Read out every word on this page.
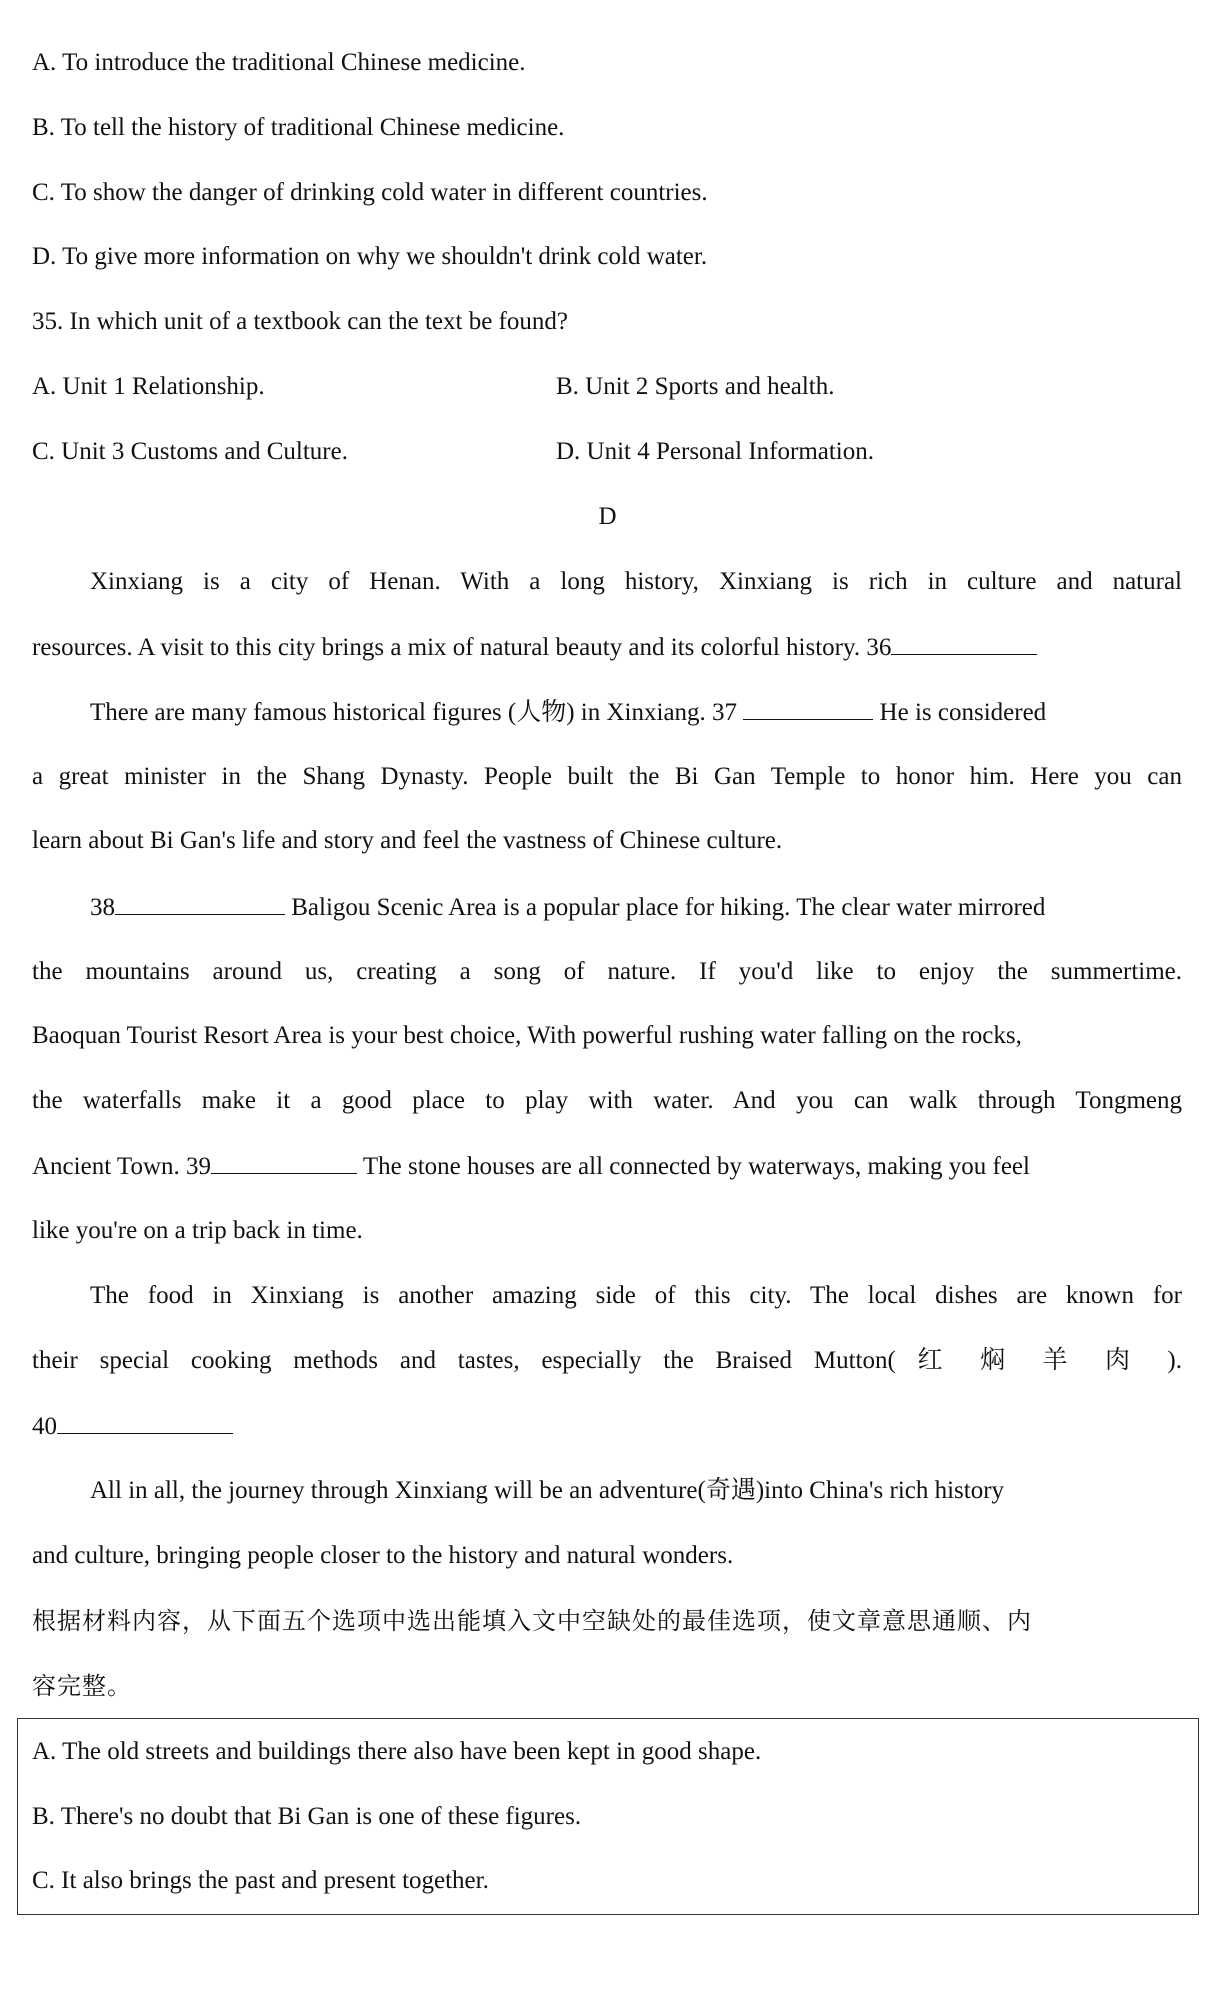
A. To introduce the traditional Chinese medicine.
B. To tell the history of traditional Chinese medicine.
C. To show the danger of drinking cold water in different countries.
D. To give more information on why we shouldn't drink cold water.
35. In which unit of a textbook can the text be found?
A. Unit 1 Relationship.	B. Unit 2 Sports and health.
C. Unit 3 Customs and Culture.	D. Unit 4 Personal Information.
D
Xinxiang is a city of Henan. With a long history, Xinxiang is rich in culture and natural
resources. A visit to this city brings a mix of natural beauty and its colorful history. 36
There are many famous historical figures (人物) in Xinxiang. 37	He is considered
a great minister in the Shang Dynasty. People built the Bi Gan Temple to honor him. Here you can
learn about Bi Gan's life and story and feel the vastness of Chinese culture.
38	Baligou Scenic Area is a popular place for hiking. The clear water mirrored
the mountains around us, creating a song of nature. If you'd like to enjoy the summertime.
Baoquan Tourist Resort Area is your best choice, With powerful rushing water falling on the rocks,
the waterfalls make it a good place to play with water. And you can walk through Tongmeng
Ancient Town. 39	The stone houses are all connected by waterways, making you feel
like you're on a trip back in time.
The food in Xinxiang is another amazing side of this city. The local dishes are known for
their special cooking methods and tastes, especially the Braised Mutton( 红 焖 羊 肉 ).
40
All in all, the journey through Xinxiang will be an adventure(奇遇)into China's rich history
and culture, bringing people closer to the history and natural wonders.
根据材料内容，从下面五个选项中选出能填入文中空缺处的最佳选项，使文章意思通顺、内
容完整。
A. The old streets and buildings there also have been kept in good shape.
B. There's no doubt that Bi Gan is one of these figures.
C. It also brings the past and present together.
